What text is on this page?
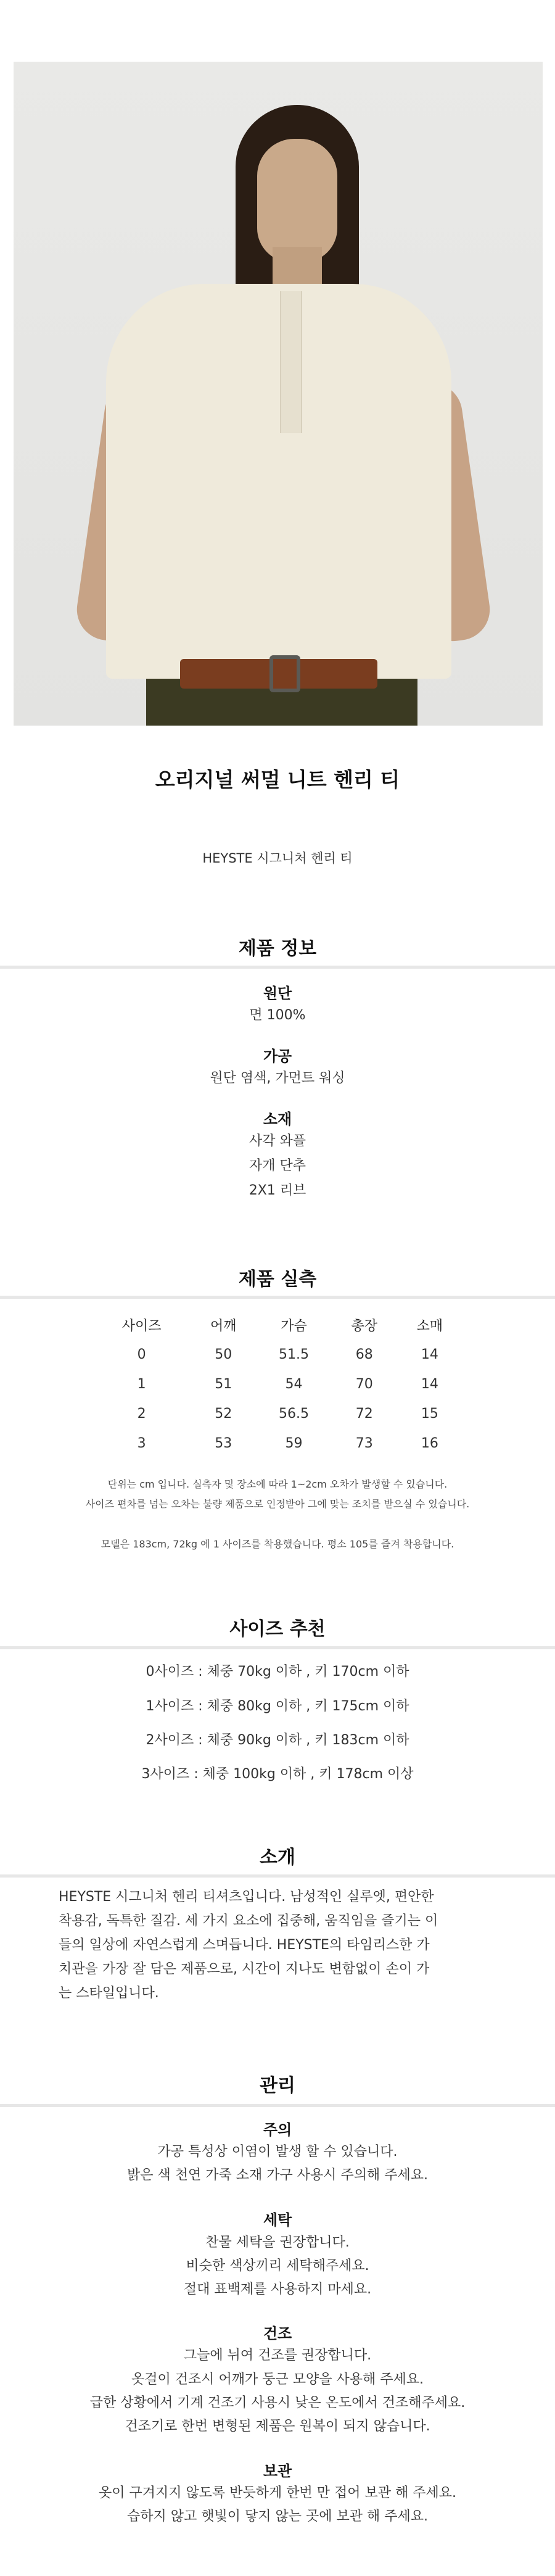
오리지널 써멀 니트 헨리 티
HEYSTE 시그니처 헨리 티
제품 정보
원단
면 100%
가공
원단 염색, 가먼트 워싱
소재
사각 와플
자개 단추
2X1 리브
제품 실측
사이즈	어깨	가슴	총장	소매
0	50	51.5	68	14
1	51	54	70	14
2	52	56.5	72	15
3	53	59	73	16
단위는 cm 입니다. 실측자 및 장소에 따라 1~2cm 오차가 발생할 수 있습니다.
사이즈 편차를 넘는 오차는 불량 제품으로 인정받아 그에 맞는 조치를 받으실 수 있습니다.
모델은 183cm, 72kg 에 1 사이즈를 착용했습니다. 평소 105를 즐겨 착용합니다.
사이즈 추천
0사이즈 : 체중 70kg 이하 , 키 170cm 이하
1사이즈 : 체중 80kg 이하 , 키 175cm 이하
2사이즈 : 체중 90kg 이하 , 키 183cm 이하
3사이즈 : 체중 100kg 이하 , 키 178cm 이상
소개
HEYSTE 시그니처 헨리 티셔츠입니다. 남성적인 실루엣, 편안한
착용감, 독특한 질감. 세 가지 요소에 집중해, 움직임을 즐기는 이
들의 일상에 자연스럽게 스며듭니다. HEYSTE의 타임리스한 가
치관을 가장 잘 담은 제품으로, 시간이 지나도 변함없이 손이 가
는 스타일입니다.
관리
주의
가공 특성상 이염이 발생 할 수 있습니다.
밝은 색 천연 가죽 소재 가구 사용시 주의해 주세요.
세탁
찬물 세탁을 권장합니다.
비슷한 색상끼리 세탁해주세요.
절대 표백제를 사용하지 마세요.
건조
그늘에 뉘여 건조를 권장합니다.
옷걸이 건조시 어깨가 둥근 모양을 사용해 주세요.
급한 상황에서 기계 건조기 사용시 낮은 온도에서 건조해주세요.
건조기로 한번 변형된 제품은 원복이 되지 않습니다.
보관
옷이 구겨지지 않도록 반듯하게 한번 만 접어 보관 해 주세요.
습하지 않고 햇빛이 닿지 않는 곳에 보관 해 주세요.
